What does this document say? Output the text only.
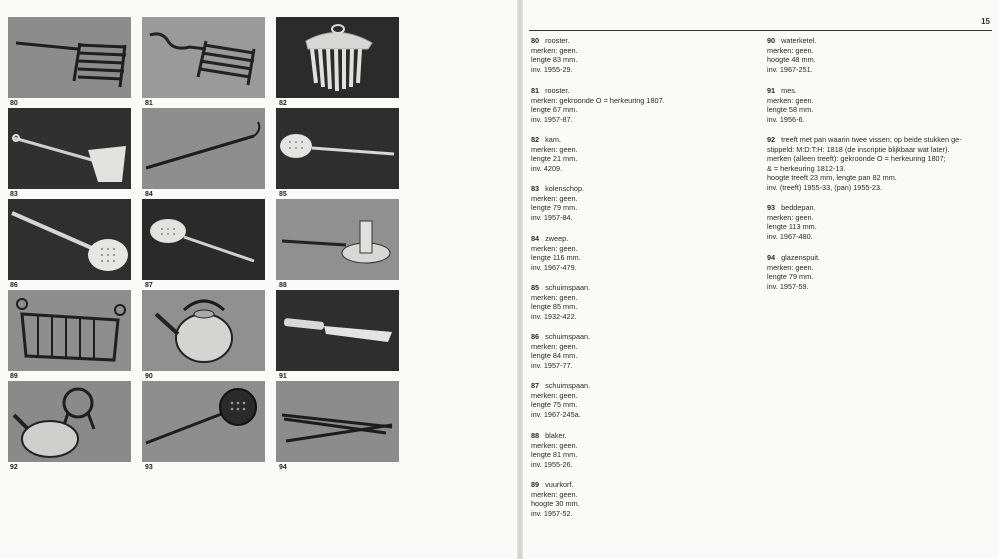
80	81	82
83	84	85
86	87	88
89	90	91
92	93	94
15
80 rooster.
merken: geen.
lengte 83 mm.
inv. 1955-29.
81 rooster.
merken: gekroonde O = herkeuring 1807.
lengte 67 mm.
inv. 1957-87.
82 kam.
merken: geen.
lengte 21 mm.
inv. 4209.
83 kolenschop.
merken: geen.
lengte 79 mm.
inv. 1957-84.
84 zweep.
merken: geen.
lengte 116 mm.
inv. 1967-479.
85 schuimspaan.
merken: geen.
lengte 85 mm.
inv. 1932-422.
86 schuimspaan.
merken: geen.
lengte 84 mm.
inv. 1957-77.
87 schuimspaan.
merken: geen.
lengte 75 mm.
inv. 1967-245a.
88 blaker.
merken: geen.
lengte 81 mm.
inv. 1955-26.
89 vuurkorf.
merken: geen.
hoogte 30 mm.
inv. 1957-52.
90 waterketel.
merken: geen.
hoogte 48 mm.
inv. 1967-251.
91 mes.
merken: geen.
lengte 58 mm.
inv. 1956-6.
92 treeft met pan waarin twee vissen; op beide stukken ge-
stippeld: M:D:T:H: 1818 (de inscriptie blijkbaar wat later).
merken (alleen treeft): gekroonde O = herkeuring 1807;
& = herkeuring 1812-13.
hoogte treeft 23 mm, lengte pan 82 mm.
inv. (treeft) 1955-33, (pan) 1955-23.
93 beddepan.
merken: geen.
lengte 113 mm.
inv. 1967-480.
94 glazenspuit.
merken: geen.
lengte 79 mm.
inv. 1957-59.
